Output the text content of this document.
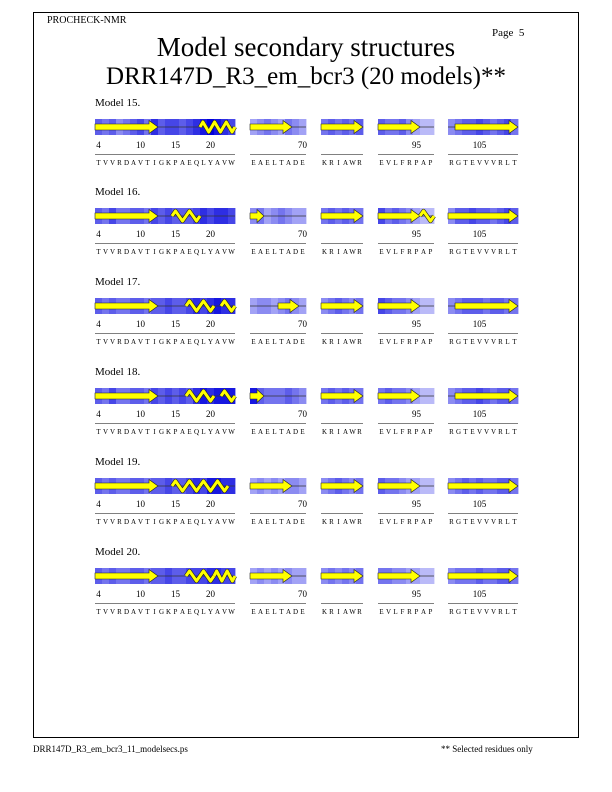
PROCHECK-NMR
Page 5
Model secondary structures
DRR147D_R3_em_bcr3 (20 models)**
Model 15.
4	10	15	20
T V V R D A V T I G K P A E Q L Y A V W
70
E A E L T A D E K R I A W R
95
E V L F R P A P
105
R G T E V V V R L T
Model 16.
4	10	15	20
T V V R D A V T I G K P A E Q L Y A V W
70
E A E L T A D E K R I A W R
95
E V L F R P A P
105
R G T E V V V R L T
Model 17.
4	10	15	20
T V V R D A V T I G K P A E Q L Y A V W
70
E A E L T A D E K R I A W R
95
E V L F R P A P
105
R G T E V V V R L T
Model 18.
4	10	15	20
T V V R D A V T I G K P A E Q L Y A V W
70
E A E L T A D E K R I A W R
95
E V L F R P A P
105
R G T E V V V R L T
Model 19.
4	10	15	20
T V V R D A V T I G K P A E Q L Y A V W
70
E A E L T A D E K R I A W R
95
E V L F R P A P
105
R G T E V V V R L T
Model 20.
4	10	15	20
T V V R D A V T I G K P A E Q L Y A V W
70
E A E L T A D E K R I A W R
95
E V L F R P A P
105
R G T E V V V R L T
DRR147D_R3_em_bcr3_11_modelsecs.ps	** Selected residues only
